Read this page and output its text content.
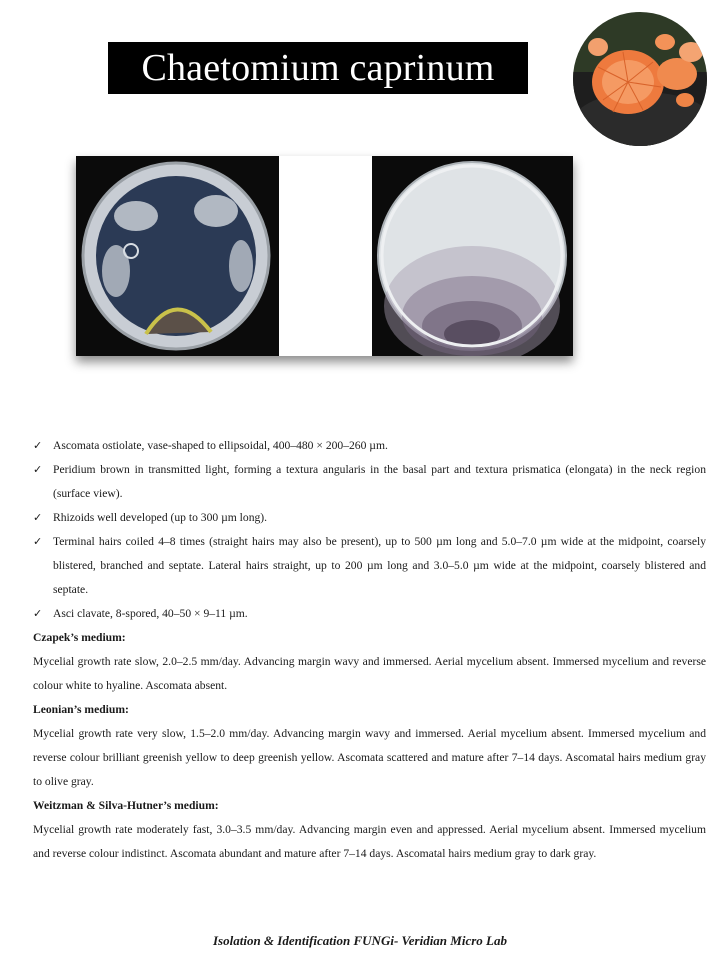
Chaetomium caprinum
✓ Ascomata ostiolate, vase-shaped to ellipsoidal, 400–480 × 200–260 µm.
✓ Peridium brown in transmitted light, forming a textura angularis in the basal part and textura prismatica (elongata) in the neck region (surface view).
✓ Rhizoids well developed (up to 300 µm long).
✓ Terminal hairs coiled 4–8 times (straight hairs may also be present), up to 500 µm long and 5.0–7.0 µm wide at the midpoint, coarsely blistered, branched and septate. Lateral hairs straight, up to 200 µm long and 3.0–5.0 µm wide at the midpoint, coarsely blistered and septate.
✓ Asci clavate, 8-spored, 40–50 × 9–11 µm.

Czapek’s medium:

Mycelial growth rate slow, 2.0–2.5 mm/day. Advancing margin wavy and immersed. Aerial mycelium absent. Immersed mycelium and reverse colour white to hyaline. Ascomata absent.

Leonian’s medium:

Mycelial growth rate very slow, 1.5–2.0 mm/day. Advancing margin wavy and immersed. Aerial mycelium absent. Immersed mycelium and reverse colour brilliant greenish yellow to deep greenish yellow. Ascomata scattered and mature after 7–14 days. Ascomatal hairs medium gray to olive gray.

Weitzman & Silva-Hutner’s medium:

Mycelial growth rate moderately fast, 3.0–3.5 mm/day. Advancing margin even and appressed. Aerial mycelium absent. Immersed mycelium and reverse colour indistinct. Ascomata abundant and mature after 7–14 days. Ascomatal hairs medium gray to dark gray.

Isolation & Identification FUNGi- Veridian Micro Lab
